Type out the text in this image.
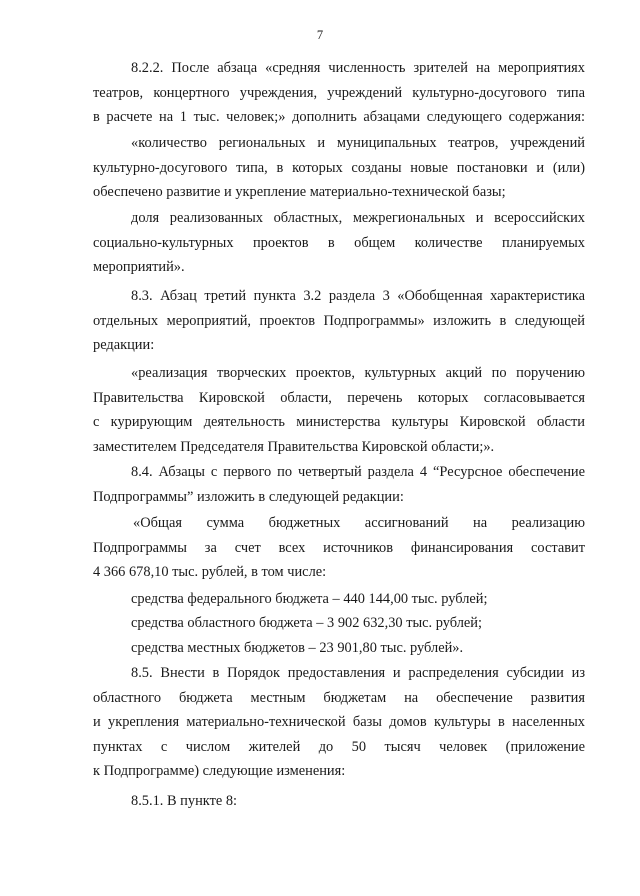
7
8.2.2. После абзаца «средняя численность зрителей на мероприятиях
театров, концертного учреждения, учреждений культурно-досугового типа
в расчете на 1 тыс. человек;» дополнить абзацами следующего содержания:
«количество региональных и муниципальных театров, учреждений
культурно-досугового типа, в которых созданы новые постановки и (или)
обеспечено развитие и укрепление материально-технической базы;
доля реализованных областных, межрегиональных и всероссийских
социально-культурных проектов в общем количестве планируемых
мероприятий».
8.3. Абзац третий пункта 3.2 раздела 3 «Обобщенная характеристика
отдельных мероприятий, проектов Подпрограммы» изложить в следующей
редакции:
«реализация творческих проектов, культурных акций по поручению
Правительства Кировской области, перечень которых согласовывается
с курирующим деятельность министерства культуры Кировской области
заместителем Председателя Правительства Кировской области;».
8.4. Абзацы с первого по четвертый раздела 4 “Ресурсное обеспечение
Подпрограммы” изложить в следующей редакции:
«Общая сумма бюджетных ассигнований на реализацию
Подпрограммы за счет всех источников финансирования составит
4 366 678,10 тыс. рублей, в том числе:
средства федерального бюджета – 440 144,00 тыс. рублей;
средства областного бюджета – 3 902 632,30 тыс. рублей;
средства местных бюджетов – 23 901,80 тыс. рублей».
8.5. Внести в Порядок предоставления и распределения субсидии из
областного бюджета местным бюджетам на обеспечение развития
и укрепления материально-технической базы домов культуры в населенных
пунктах с числом жителей до 50 тысяч человек (приложение
к Подпрограмме) следующие изменения:
8.5.1. В пункте 8:
